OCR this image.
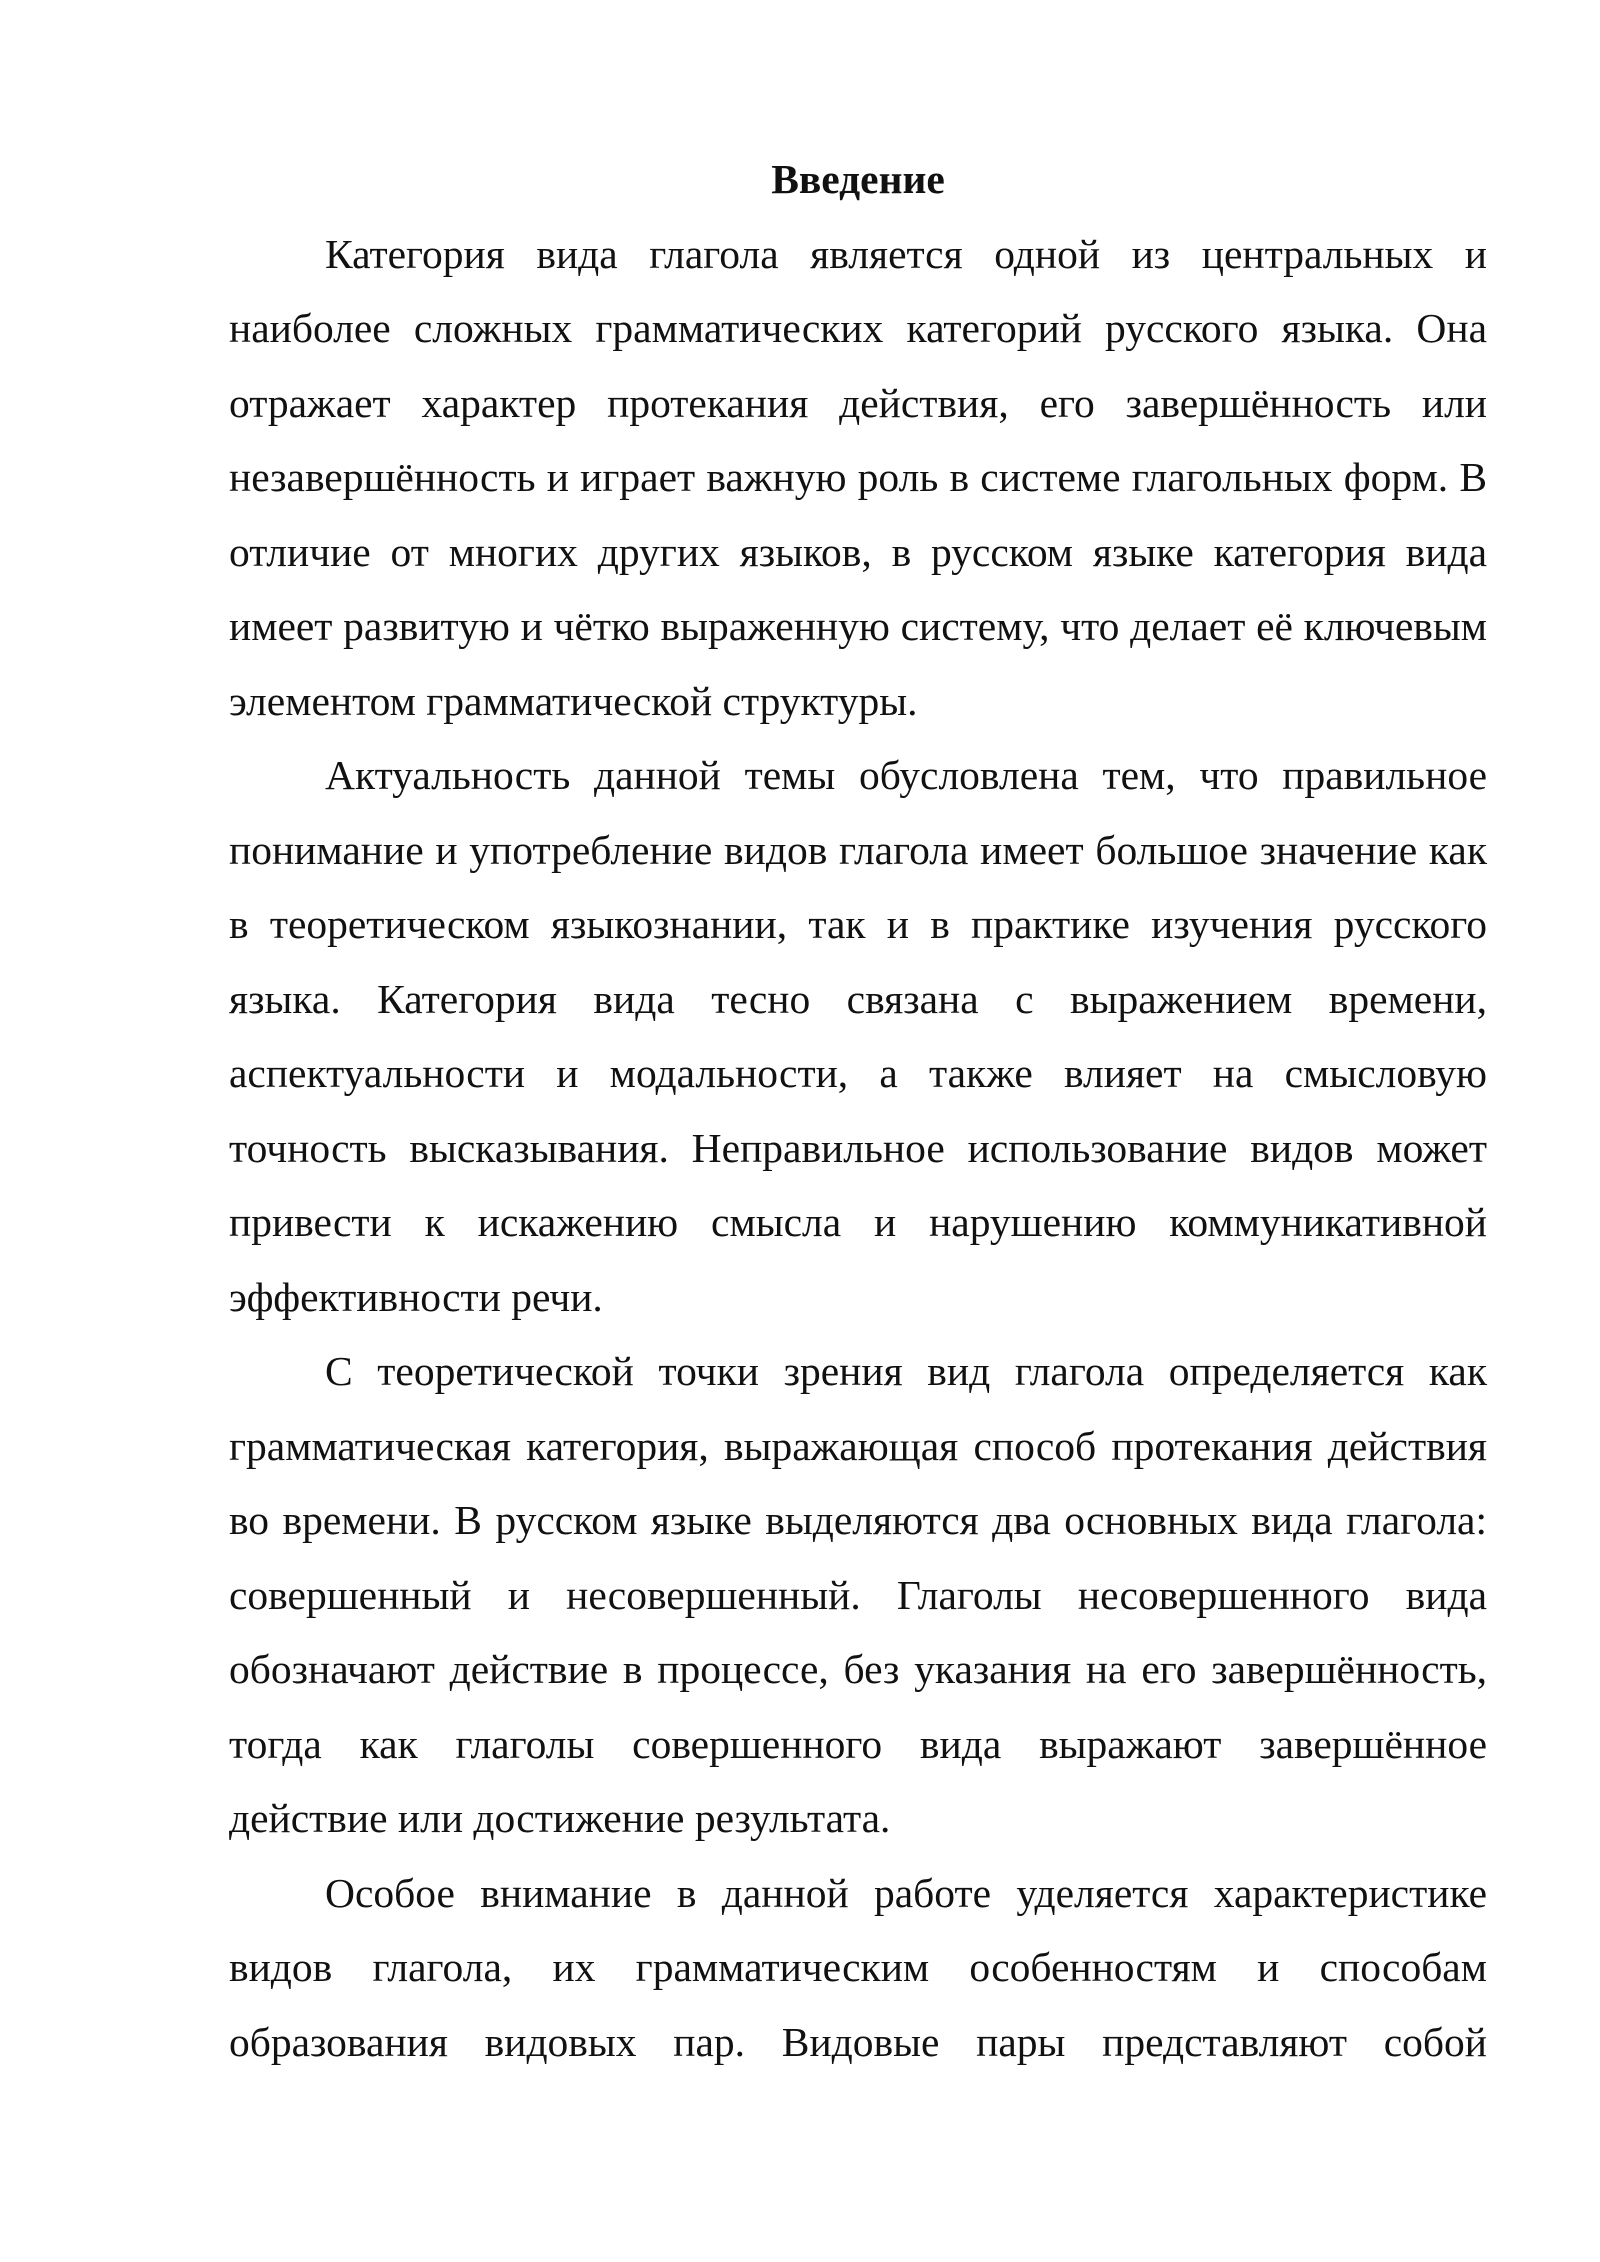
Введение

Категория вида глагола является одной из центральных и наиболее сложных грамматических категорий русского языка. Она отражает характер протекания действия, его завершённость или незавершённость и играет важную роль в системе глагольных форм. В отличие от многих других языков, в русском языке категория вида имеет развитую и чётко выраженную систему, что делает её ключевым элементом грамматической структуры.

Актуальность данной темы обусловлена тем, что правильное понимание и употребление видов глагола имеет большое значение как в теоретическом языкознании, так и в практике изучения русского языка. Категория вида тесно связана с выражением времени, аспектуальности и модальности, а также влияет на смысловую точность высказывания. Неправильное использование видов может привести к искажению смысла и нарушению коммуникативной эффективности речи.

С теоретической точки зрения вид глагола определяется как грамматическая категория, выражающая способ протекания действия во времени. В русском языке выделяются два основных вида глагола: совершенный и несовершенный. Глаголы несовершенного вида обозначают действие в процессе, без указания на его завершённость, тогда как глаголы совершенного вида выражают завершённое действие или достижение результата.

Особое внимание в данной работе уделяется характеристике видов глагола, их грамматическим особенностям и способам образования видовых пар. Видовые пары представляют собой
